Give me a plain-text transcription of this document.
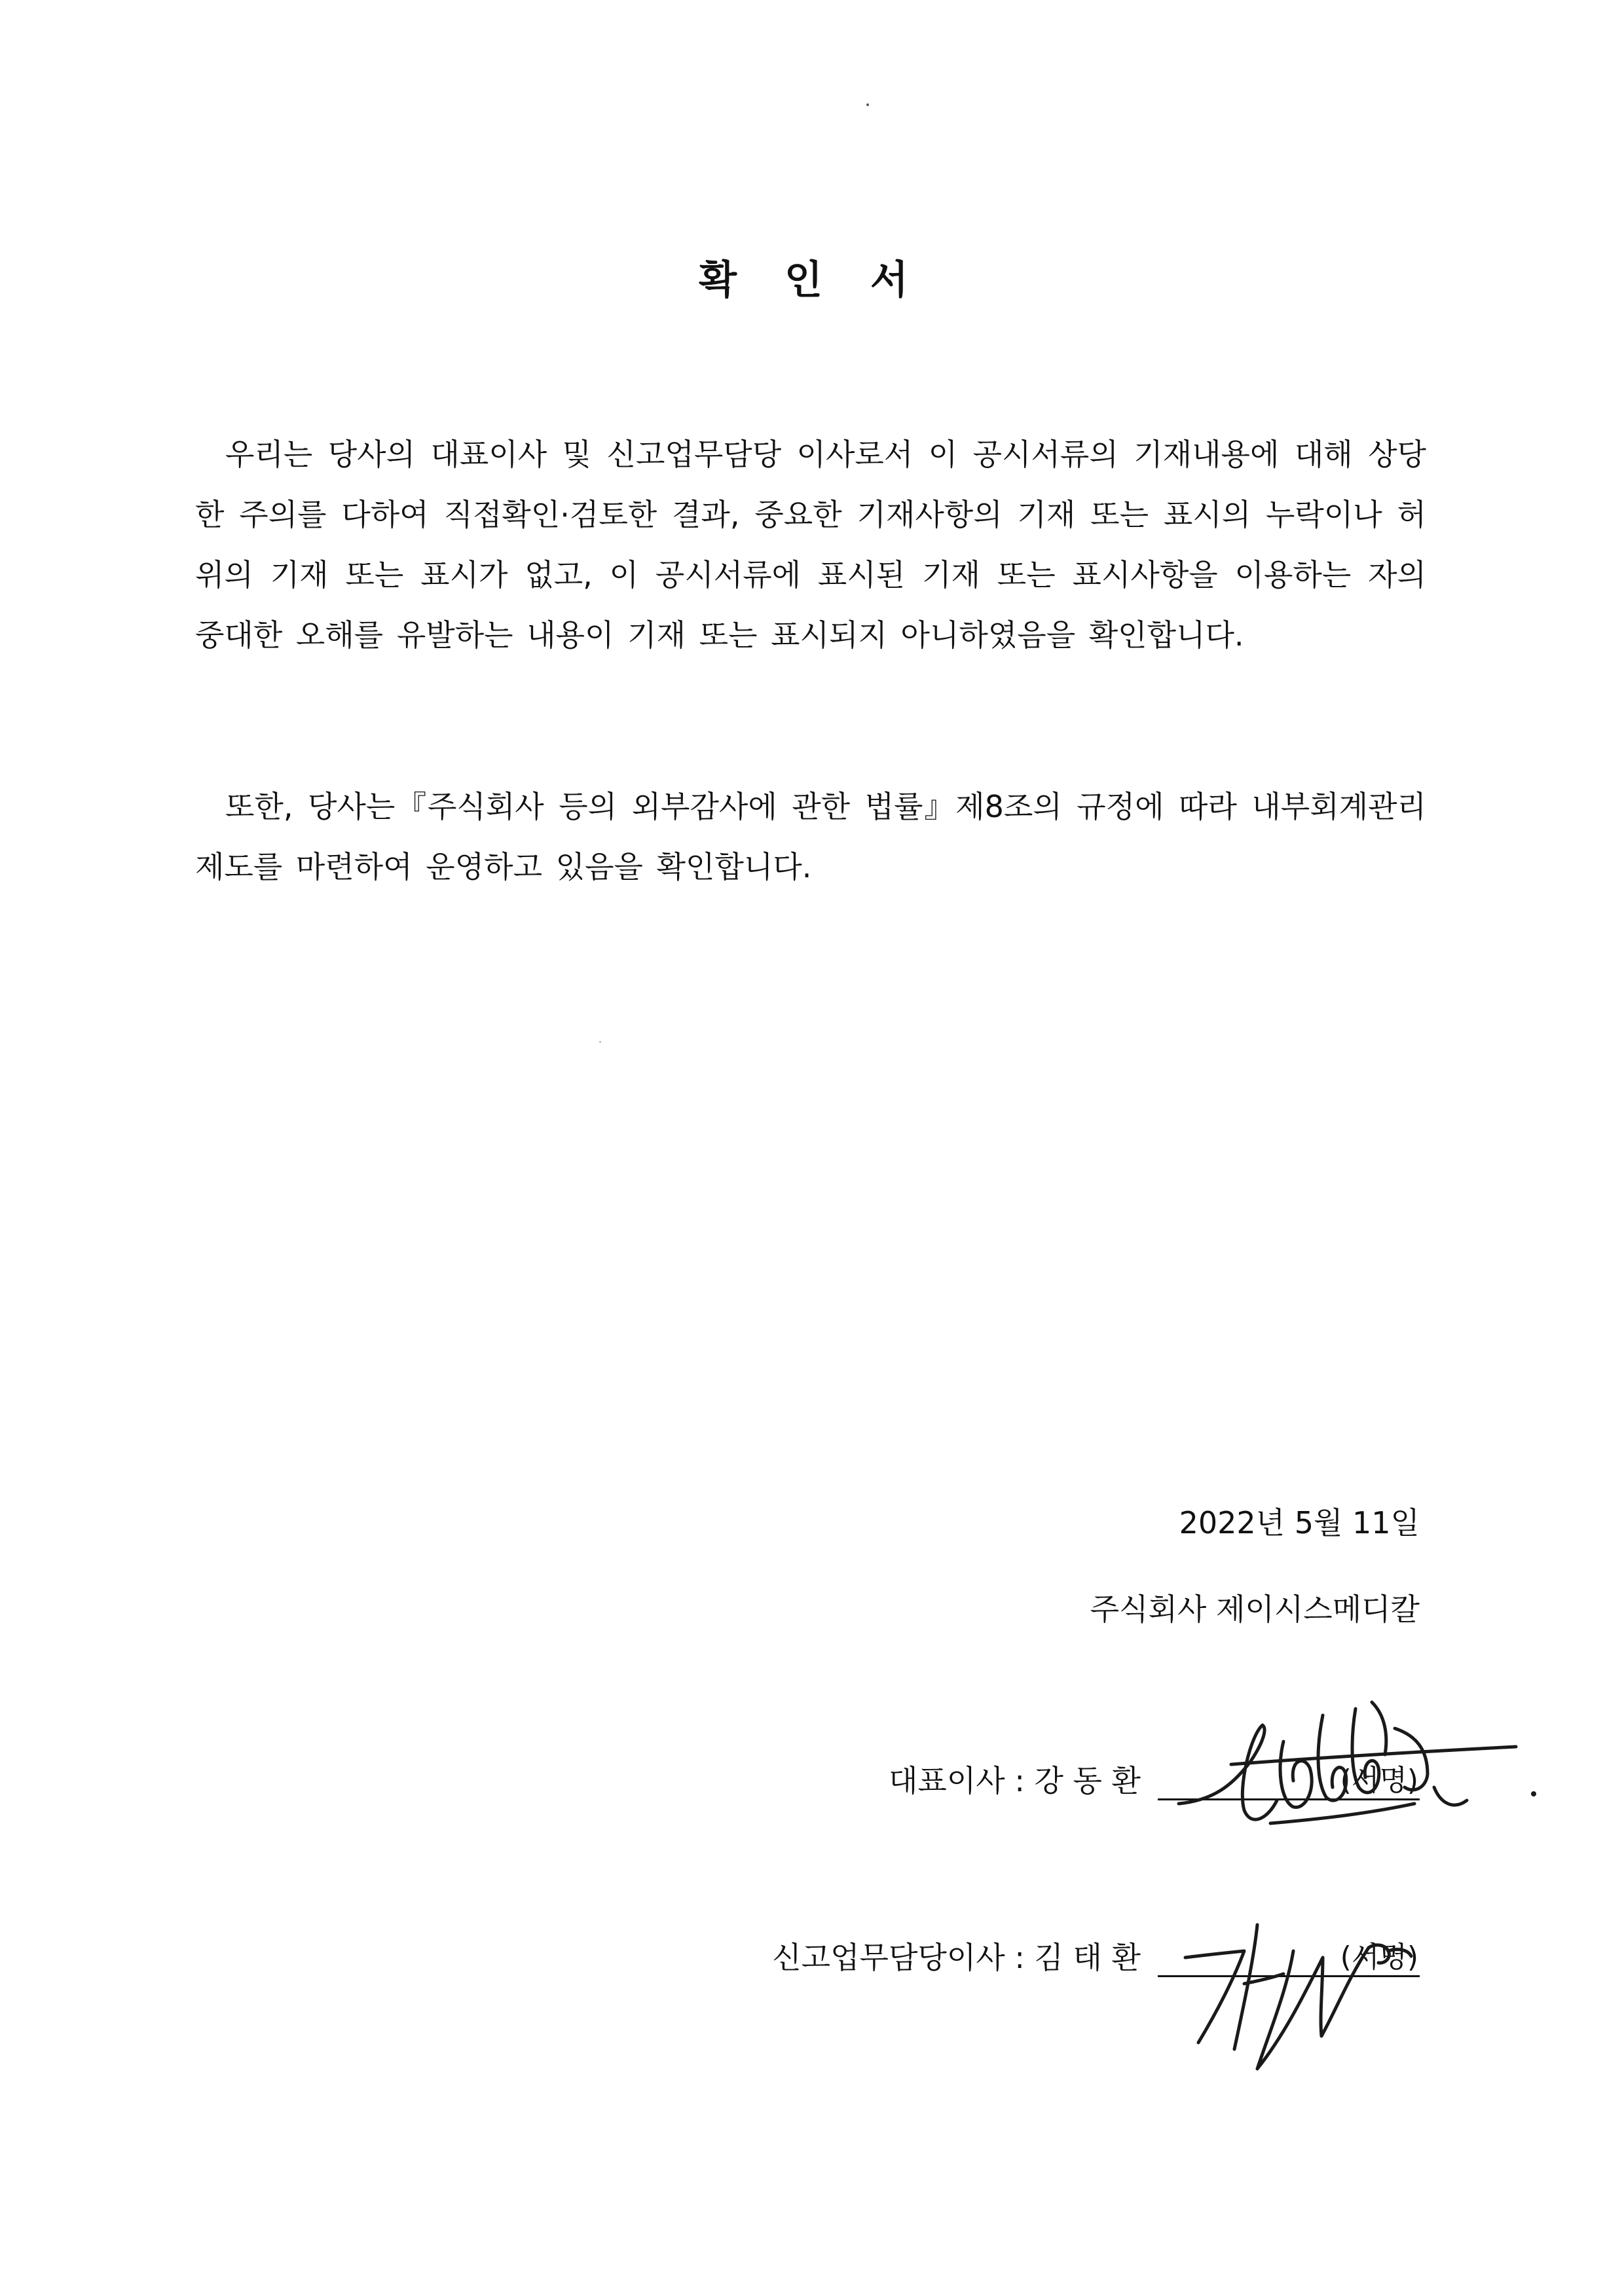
확 인 서

우리는 당사의 대표이사 및 신고업무담당 이사로서 이 공시서류의 기재내용에 대해 상당한 주의를 다하여 직접확인·검토한 결과, 중요한 기재사항의 기재 또는 표시의 누락이나 허위의 기재 또는 표시가 없고, 이 공시서류에 표시된 기재 또는 표시사항을 이용하는 자의 중대한 오해를 유발하는 내용이 기재 또는 표시되지 아니하였음을 확인합니다.

또한, 당사는『주식회사 등의 외부감사에 관한 법률』제8조의 규정에 따라 내부회계관리제도를 마련하여 운영하고 있음을 확인합니다.

2022년 5월 11일
주식회사 제이시스메디칼
대표이사 : 강 동 환	(서명)
신고업무담당이사 : 김 태 환	(서명)
